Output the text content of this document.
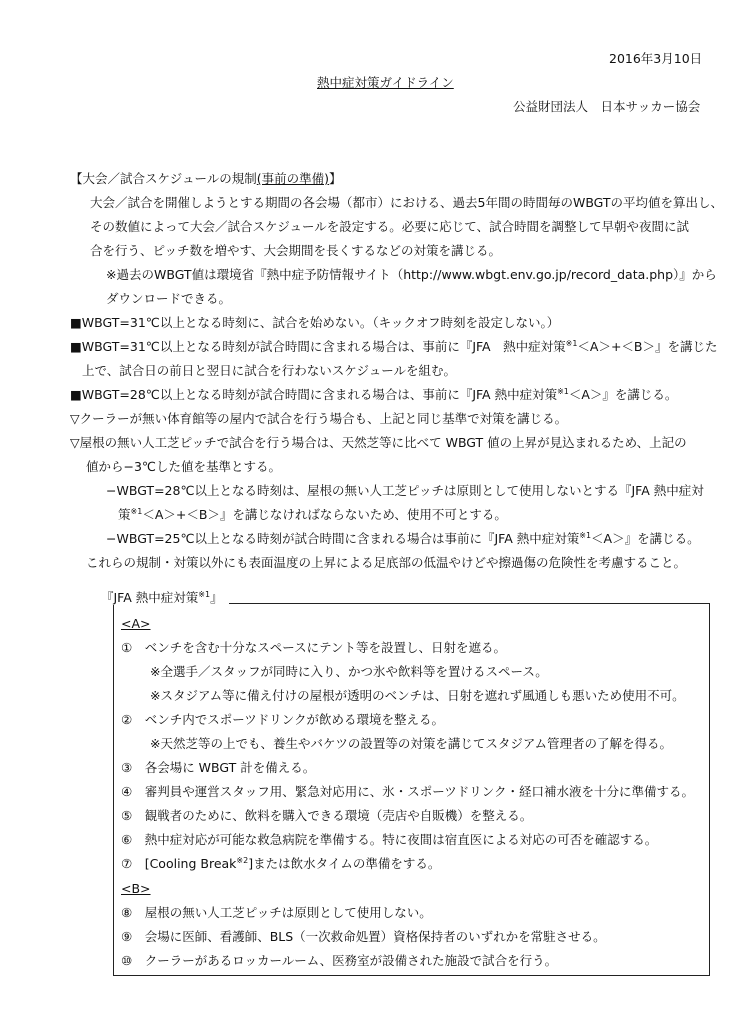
2016年3月10日
熱中症対策ガイドライン
公益財団法人　日本サッカー協会
【大会／試合スケジュールの規制(事前の準備)】
大会／試合を開催しようとする期間の各会場（都市）における、過去5年間の時間毎のWBGTの平均値を算出し、
その数値によって大会／試合スケジュールを設定する。必要に応じて、試合時間を調整して早朝や夜間に試
合を行う、ピッチ数を増やす、大会期間を長くするなどの対策を講じる。
※過去のWBGT値は環境省『熱中症予防情報サイト（http://www.wbgt.env.go.jp/record_data.php）』から
ダウンロードできる。
■WBGT=31℃以上となる時刻に、試合を始めない。（キックオフ時刻を設定しない。）
■WBGT=31℃以上となる時刻が試合時間に含まれる場合は、事前に『JFA　熱中症対策$^{※1}$＜A＞+＜B＞』を講じた
上で、試合日の前日と翌日に試合を行わないスケジュールを組む。
■WBGT=28℃以上となる時刻が試合時間に含まれる場合は、事前に『JFA 熱中症対策$^{※1}$＜A＞』を講じる。
▽クーラーが無い体育館等の屋内で試合を行う場合も、上記と同じ基準で対策を講じる。
▽屋根の無い人工芝ピッチで試合を行う場合は、天然芝等に比べて WBGT 値の上昇が見込まれるため、上記の
値から−3℃した値を基準とする。
−WBGT=28℃以上となる時刻は、屋根の無い人工芝ピッチは原則として使用しないとする『JFA 熱中症対
策$^{※1}$＜A＞+＜B＞』を講じなければならないため、使用不可とする。
−WBGT=25℃以上となる時刻が試合時間に含まれる場合は事前に『JFA 熱中症対策$^{※1}$＜A＞』を講じる。
これらの規制・対策以外にも表面温度の上昇による足底部の低温やけどや擦過傷の危険性を考慮すること。
『JFA 熱中症対策$^{※1}$』
<A>
①　ベンチを含む十分なスペースにテント等を設置し、日射を遮る。
※全選手／スタッフが同時に入り、かつ氷や飲料等を置けるスペース。
※スタジアム等に備え付けの屋根が透明のベンチは、日射を遮れず風通しも悪いため使用不可。
②　ベンチ内でスポーツドリンクが飲める環境を整える。
※天然芝等の上でも、養生やバケツの設置等の対策を講じてスタジアム管理者の了解を得る。
③　各会場に WBGT 計を備える。
④　審判員や運営スタッフ用、緊急対応用に、氷・スポーツドリンク・経口補水液を十分に準備する。
⑤　観戦者のために、飲料を購入できる環境（売店や自販機）を整える。
⑥　熱中症対応が可能な救急病院を準備する。特に夜間は宿直医による対応の可否を確認する。
⑦　[Cooling Break$^{※2}$]または飲水タイムの準備をする。
<B>
⑧　屋根の無い人工芝ピッチは原則として使用しない。
⑨　会場に医師、看護師、BLS（一次救命処置）資格保持者のいずれかを常駐させる。
⑩　クーラーがあるロッカールーム、医務室が設備された施設で試合を行う。
